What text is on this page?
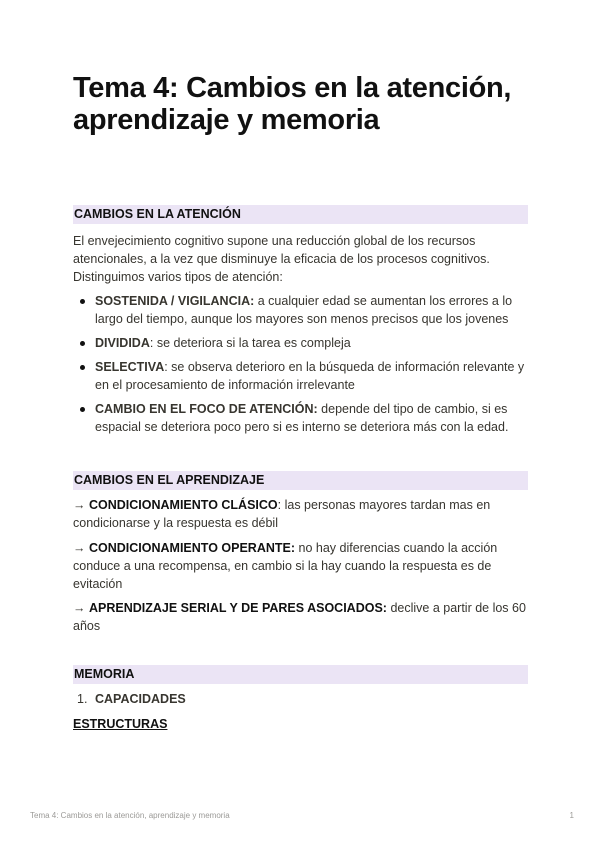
Tema 4: Cambios en la atención, aprendizaje y memoria
CAMBIOS EN LA ATENCIÓN

El envejecimiento cognitivo supone una reducción global de los recursos atencionales, a la vez que disminuye la eficacia de los procesos cognitivos. Distinguimos varios tipos de atención:

SOSTENIDA / VIGILANCIA: a cualquier edad se aumentan los errores a lo largo del tiempo, aunque los mayores son menos precisos que los jovenes
DIVIDIDA: se deteriora si la tarea es compleja
SELECTIVA: se observa deterioro en la búsqueda de información relevante y en el procesamiento de información irrelevante
CAMBIO EN EL FOCO DE ATENCIÓN: depende del tipo de cambio, si es espacial se deteriora poco pero si es interno se deteriora más con la edad.
CAMBIOS EN EL APRENDIZAJE

→ CONDICIONAMIENTO CLÁSICO: las personas mayores tardan mas en condicionarse y la respuesta es débil

→ CONDICIONAMIENTO OPERANTE: no hay diferencias cuando la acción conduce a una recompensa, en cambio si la hay cuando la respuesta es de evitación

→ APRENDIZAJE SERIAL Y DE PARES ASOCIADOS: declive a partir de los 60 años

MEMORIA
1. CAPACIDADES
ESTRUCTURAS
Tema 4: Cambios en la atención, aprendizaje y memoria	1
